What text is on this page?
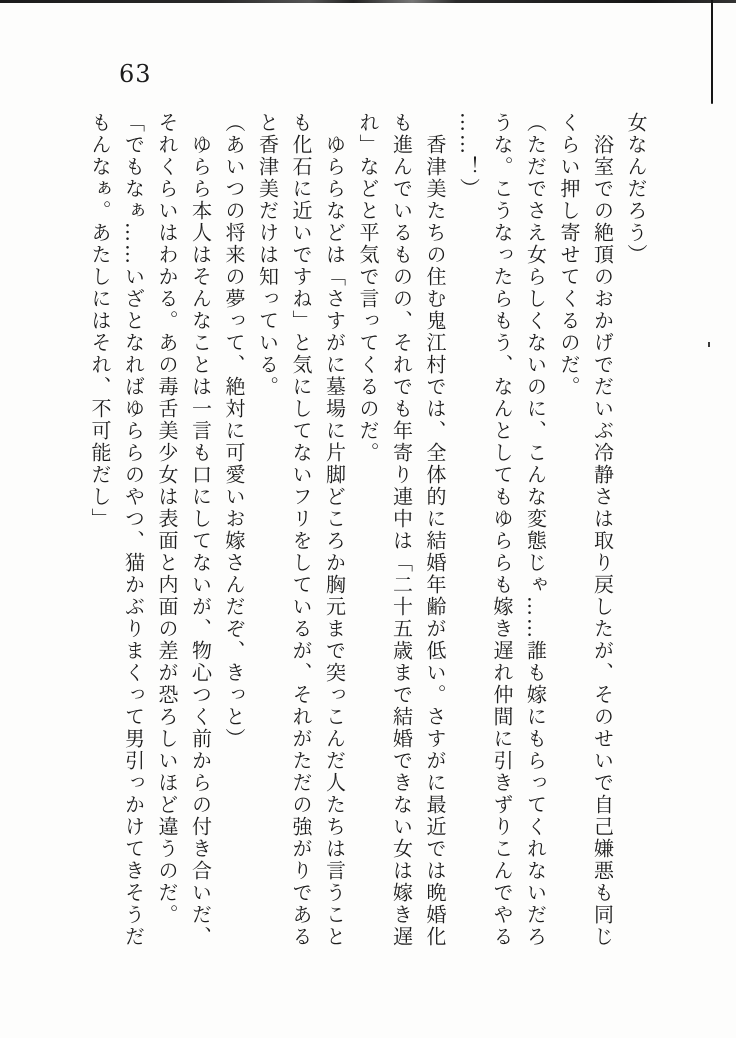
63

女なんだろう）

浴室での絶頂のおかげでだいぶ冷静さは取り戻したが、そのせいで自己嫌悪も同じ

くらい押し寄せてくるのだ。

（ただでさえ女らしくないのに、こんな変態じゃ……誰も嫁にもらってくれないだろ

うな。こうなったらもう、なんとしてもゆららも嫁き遅れ仲間に引きずりこんでやる

……！）

香津美たちの住む鬼江村では、全体的に結婚年齢が低い。さすがに最近では晩婚化

も進んでいるものの、それでも年寄り連中は「二十五歳まで結婚できない女は嫁き遅

れ」などと平気で言ってくるのだ。

ゆららなどは「さすがに墓場に片脚どころか胸元まで突っこんだ人たちは言うこと

も化石に近いですね」と気にしてないフリをしているが、それがただの強がりである

と香津美だけは知っている。

（あいつの将来の夢って、絶対に可愛いお嫁さんだぞ、きっと）

ゆらら本人はそんなことは一言も口にしてないが、物心つく前からの付き合いだ、

それくらいはわかる。あの毒舌美少女は表面と内面の差が恐ろしいほど違うのだ。

「でもなぁ……いざとなればゆららのやつ、猫かぶりまくって男引っかけてきそうだ

もんなぁ。あたしにはそれ、不可能だし」
